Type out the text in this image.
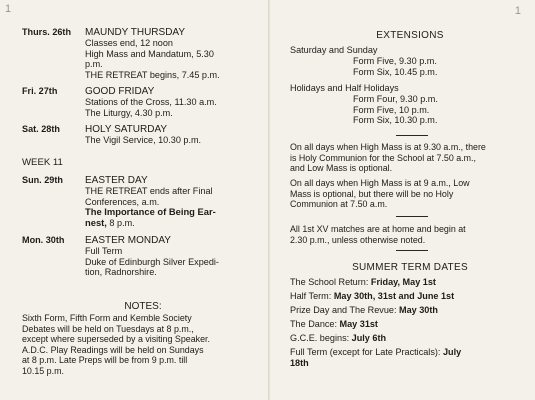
1
Thurs. 26th MAUNDY THURSDAY
Classes end, 12 noon
High Mass and Mandatum, 5.30
p.m.
THE RETREAT begins, 7.45 p.m.
Fri. 27th	GOOD FRIDAY
Stations of the Cross, 11.30 a.m.
The Liturgy, 4.30 p.m.
Sat. 28th	HOLY SATURDAY
The Vigil Service, 10.30 p.m.
WEEK 11
Sun. 29th EASTER DAY
THE RETREAT ends after Final
Conferences, a.m.
The Importance of Being Ear-
nest, 8 p.m.
Mon. 30th EASTER MONDAY
Full Term
Duke of Edinburgh Silver Expedi-
tion, Radnorshire.
NOTES:
Sixth Form, Fifth Form and Kemble Society
Debates will be held on Tuesdays at 8 p.m.,
except where superseded by a visiting Speaker.
A.D.C. Play Readings will be held on Sundays
at 8 p.m. Late Preps will be from 9 p.m. till
10.15 p.m.
1
EXTENSIONS
Saturday and Sunday
Form Five, 9.30 p.m.
Form Six, 10.45 p.m.
Holidays and Half Holidays
Form Four, 9.30 p.m.
Form Five, 10 p.m.
Form Six, 10.30 p.m.
On all days when High Mass is at 9.30 a.m., there
is Holy Communion for the School at 7.50 a.m.,
and Low Mass is optional.
On all days when High Mass is at 9 a.m., Low
Mass is optional, but there will be no Holy
Communion at 7.50 a.m.
All 1st XV matches are at home and begin at
2.30 p.m., unless otherwise noted.
SUMMER TERM DATES
The School Return: Friday, May 1st
Half Term: May 30th, 31st and June 1st
Prize Day and The Revue: May 30th
The Dance: May 31st
G.C.E. begins: July 6th
Full Term (except for Late Practicals): July
18th
